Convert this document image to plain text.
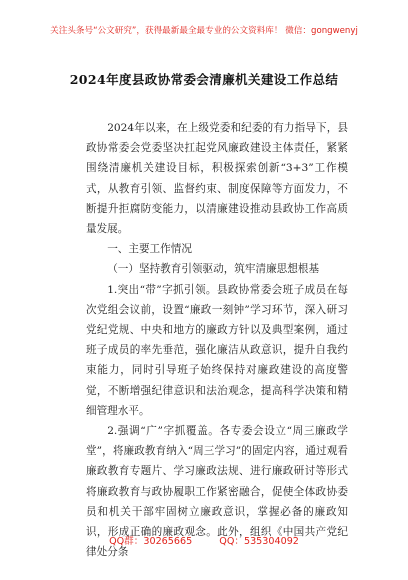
关注头条号“公文研究”，获得最新最全最专业的公文资料库！ 微信：gongwenyj
2024年度县政协常委会清廉机关建设工作总结

2024年以来，在上级党委和纪委的有力指导下，县政协常委会党委坚决扛起党风廉政建设主体责任，紧紧围绕清廉机关建设目标，积极探索创新“3+3”工作模式，从教育引领、监督约束、制度保障等方面发力，不断提升拒腐防变能力，以清廉建设推动县政协工作高质量发展。

一、主要工作情况

（一）坚持教育引领驱动，筑牢清廉思想根基

1.突出“带”字抓引领。县政协常委会班子成员在每次党组会议前，设置“廉政一刻钟”学习环节，深入研习党纪党规、中央和地方的廉政方针以及典型案例，通过班子成员的率先垂范，强化廉洁从政意识，提升自我约束能力，同时引导班子始终保持对廉政建设的高度警觉，不断增强纪律意识和法治观念，提高科学决策和精细管理水平。

2.强调“广”字抓覆盖。各专委会设立“周三廉政学堂”，将廉政教育纳入“周三学习”的固定内容，通过观看廉政教育专题片、学习廉政法规、进行廉政研讨等形式将廉政教育与政协履职工作紧密融合，促使全体政协委员和机关干部牢固树立廉政意识，掌握必备的廉政知识，形成正确的廉政观念。此外，组织《中国共产党纪律处分条

QQ群：30265665	QQ：535304092
